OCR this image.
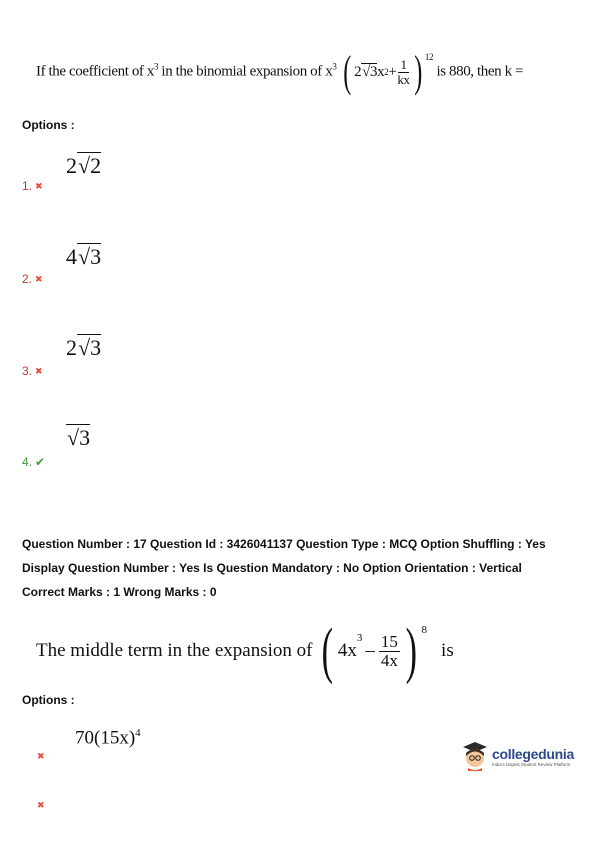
If the coefficient of $x^3$ in the binomial expansion of $x^3$ ( 2 √3 x $2 + \frac{1}{kx}$ ) $^{12}$
is 880, then k =
Options :
2√2
1. ✖
4√3
2. ✖
2√3
3. ✖
√3
4. ✔
Question Number : 17 Question Id : 3426041137 Question Type : MCQ Option Shuffling : Yes
Display Question Number : Yes Is Question Mandatory : No Option Orientation : Vertical
Correct Marks : 1 Wrong Marks : 0
The middle term in the expansion of ( 4x
$^3$
– $\frac{15}{4x}$ ) $^8$
is
Options :
$70(15x)^4$
✖
✖
collegedunia
India's largest Student Review Platform
